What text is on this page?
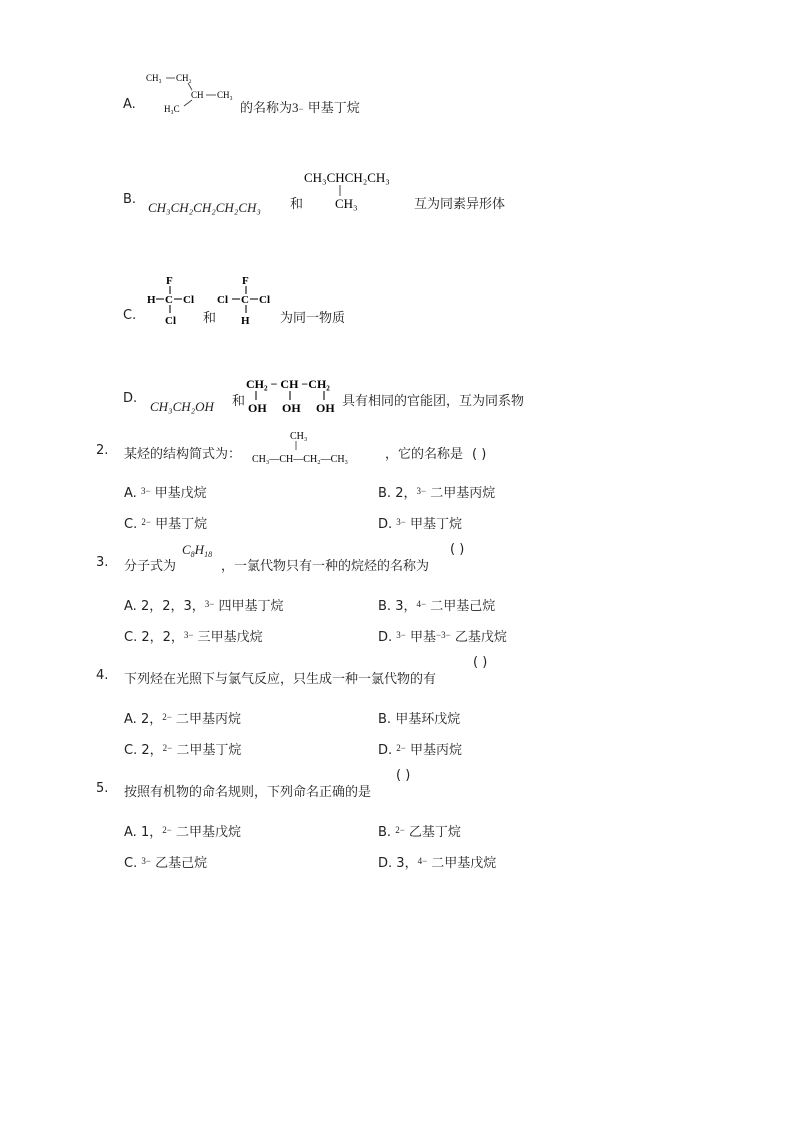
A.
CH₃ CH₂
CH CH₃
H₃C	的名称为3− 甲基丁烷
B.
CH₃CH₂CH₂CH₂CH₃ 和
CH₃CHCH₂CH₃
CH₃	互为同素异形体
C.
F
H C Cl
Cl 和
F
Cl C Cl
H 为同一物质
D.
CH₃CH₂OH 和
CH₂ − CH −CH₂
OH OH OH 具有相同的官能团，互为同系物
2. 某烃的结构简式为：
CH₃
CH₃—CH—CH₂—CH₃	，它的名称是 ( )
A. $^{3-}$ 甲基戊烷	B. 2，$^{3-}$ 二甲基丙烷
C. $^{2-}$ 甲基丁烷	D. $^{3-}$ 甲基丁烷
3. 分子式为
$C_8H_{18}$
，一氯代物只有一种的烷烃的名称为
( )
A. 2，2，3，$^{3-}$ 四甲基丁烷	B. 3，$^{4-}$ 二甲基己烷
C. 2，2，$^{3-}$ 三甲基戊烷	D. $^{3-}$ 甲基$^{-3-}$ 乙基戊烷
4. 下列烃在光照下与氯气反应，只生成一种一氯代物的有
( )
A. 2，$^{2-}$ 二甲基丙烷	B. 甲基环戊烷
C. 2，$^{2-}$ 二甲基丁烷	D. $^{2-}$ 甲基丙烷
5. 按照有机物的命名规则，下列命名正确的是
( )
A. 1，$^{2-}$ 二甲基戊烷	B. $^{2-}$ 乙基丁烷
C. $^{3-}$ 乙基己烷	D. 3，$^{4-}$ 二甲基戊烷
